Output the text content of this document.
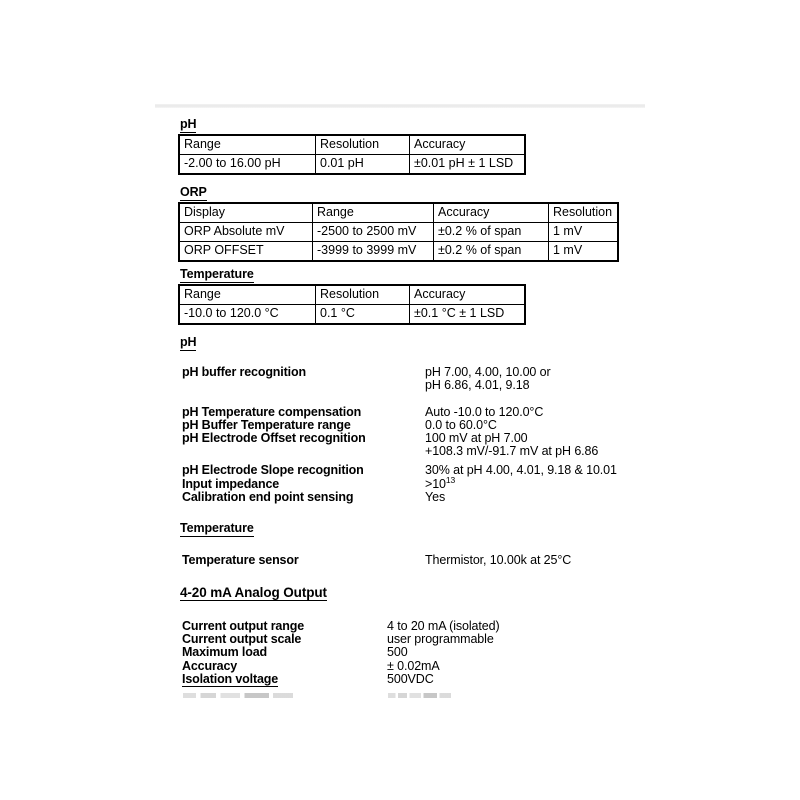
pH
Range	Resolution	Accuracy
-2.00 to 16.00 pH	0.01 pH	±0.01 pH ± 1 LSD
ORP
Display	Range	Accuracy	Resolution
ORP Absolute mV	-2500 to 2500 mV	±0.2 % of span	1 mV
ORP OFFSET	-3999 to 3999 mV	±0.2 % of span	1 mV
Temperature
Range	Resolution	Accuracy
-10.0 to 120.0 °C	0.1 °C	±0.1 °C ± 1 LSD
pH
pH buffer recognition	pH 7.00, 4.00, 10.00 or
pH 6.86, 4.01, 9.18
pH Temperature compensation	Auto -10.0 to 120.0°C
pH Buffer Temperature range	0.0 to 60.0°C
pH Electrode Offset recognition	100 mV at pH 7.00
+108.3 mV/-91.7 mV at pH 6.86
pH Electrode Slope recognition	30% at pH 4.00, 4.01, 9.18 & 10.01
Input impedance	$>10^{13}$
Calibration end point sensing	Yes
Temperature
Temperature sensor	Thermistor, 10.00k at 25°C
4-20 mA Analog Output
Current output range	4 to 20 mA (isolated)
Current output scale	user programmable
Maximum load	500
Accuracy	± 0.02mA
Isolation voltage	500VDC
